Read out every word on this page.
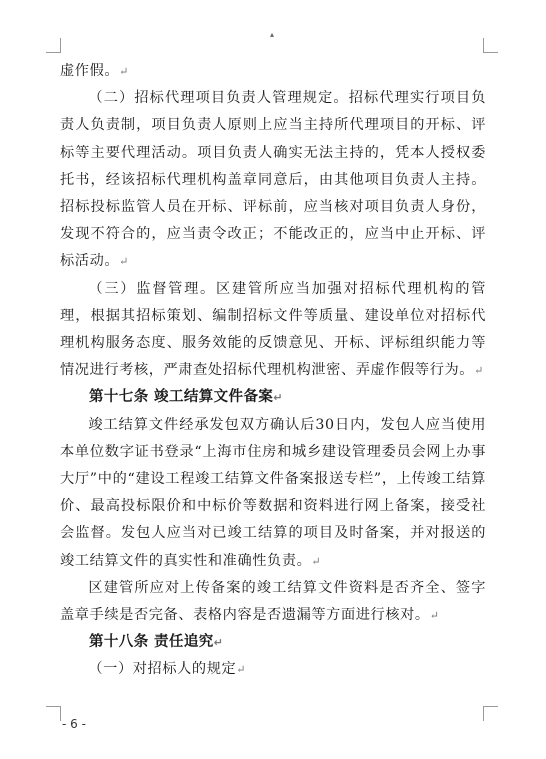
▴

虚作假。↵

（二）招标代理项目负责人管理规定。招标代理实行项目负责人负责制，项目负责人原则上应当主持所代理项目的开标、评标等主要代理活动。项目负责人确实无法主持的，凭本人授权委托书，经该招标代理机构盖章同意后，由其他项目负责人主持。招标投标监管人员在开标、评标前，应当核对项目负责人身份，发现不符合的，应当责令改正；不能改正的，应当中止开标、评标活动。↵

（三）监督管理。区建管所应当加强对招标代理机构的管理，根据其招标策划、编制招标文件等质量、建设单位对招标代理机构服务态度、服务效能的反馈意见、开标、评标组织能力等情况进行考核，严肃查处招标代理机构泄密、弄虚作假等行为。↵

第十七条 竣工结算文件备案↵

竣工结算文件经承发包双方确认后30日内，发包人应当使用本单位数字证书登录“上海市住房和城乡建设管理委员会网上办事大厅”中的“建设工程竣工结算文件备案报送专栏”，上传竣工结算价、最高投标限价和中标价等数据和资料进行网上备案，接受社会监督。发包人应当对已竣工结算的项目及时备案，并对报送的竣工结算文件的真实性和准确性负责。↵

区建管所应对上传备案的竣工结算文件资料是否齐全、签字盖章手续是否完备、表格内容是否遗漏等方面进行核对。↵

第十八条 责任追究↵

（一）对招标人的规定↵

- 6 -
